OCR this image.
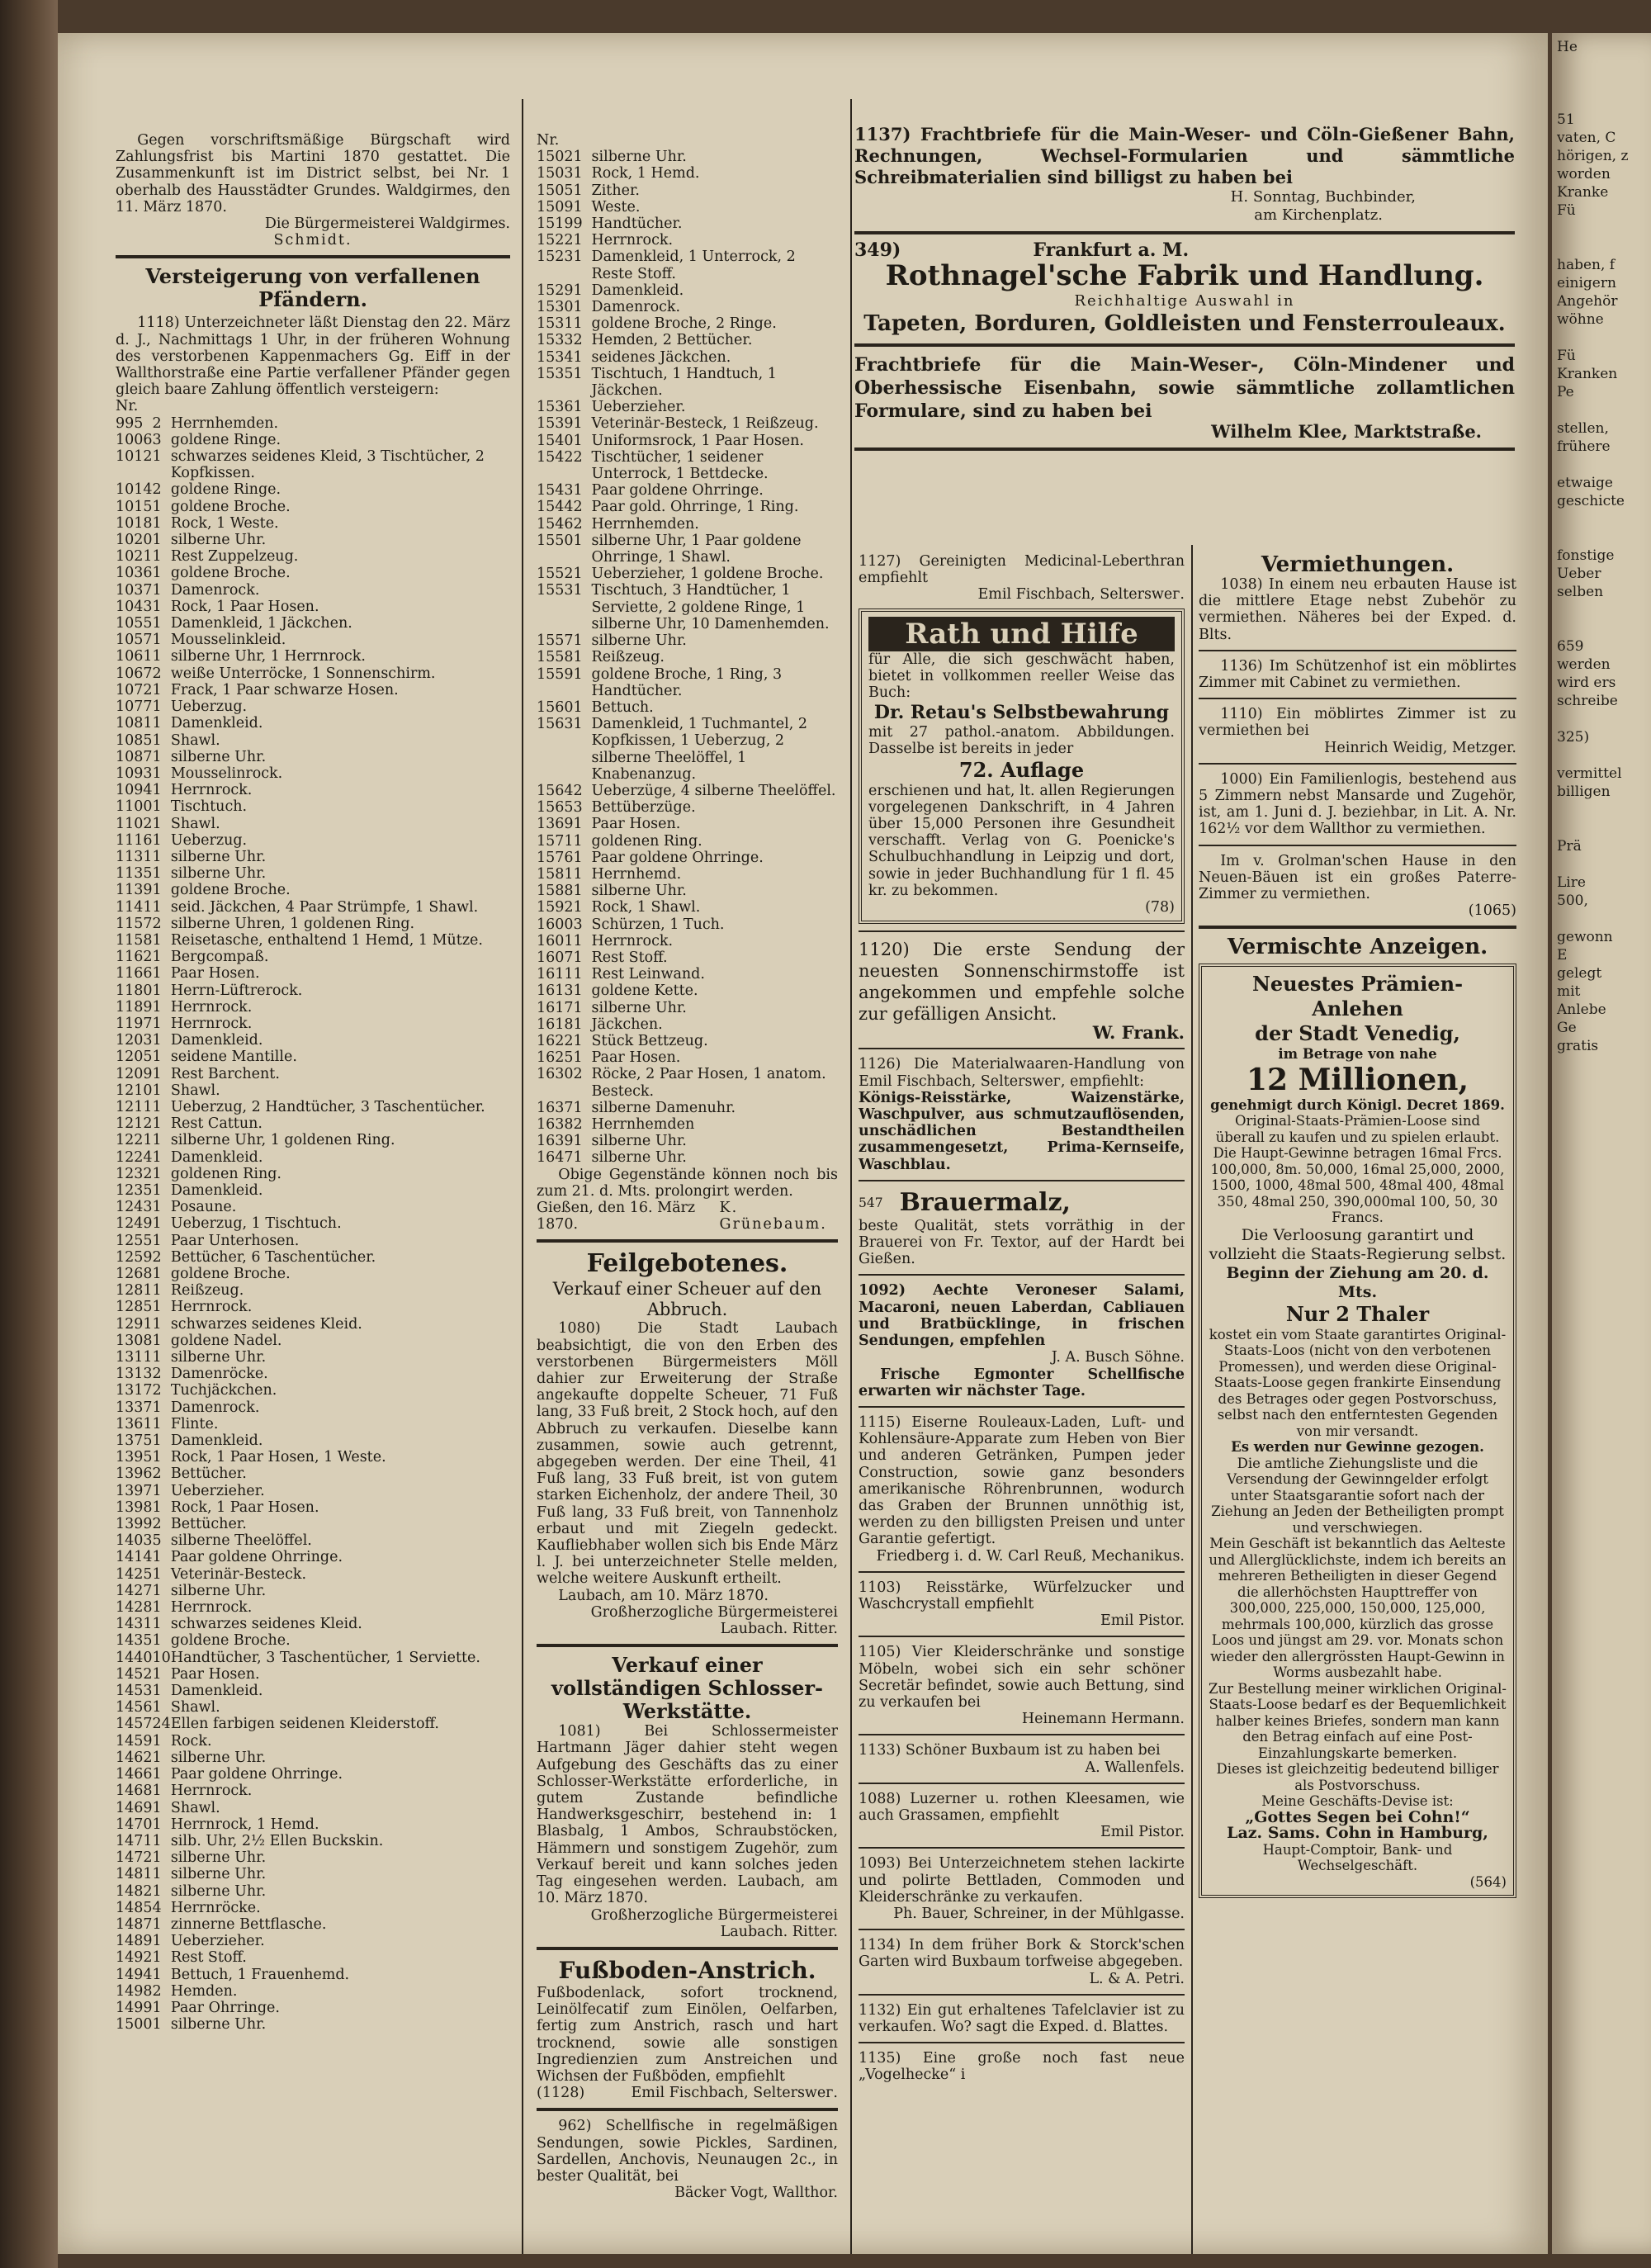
Gegen vorschriftsmäßige Bürgschaft wird Zahlungsfrist bis Martini 1870 gestattet. Die Zusammenkunft ist im District selbst, bei Nr. 1 oberhalb des Hausstädter Grundes. Waldgirmes, den 11. März 1870.
Die Bürgermeisterei Waldgirmes.
Schmidt.
Versteigerung von verfallenen Pfändern.
1118) Unterzeichneter läßt Dienstag den 22. März d. J., Nachmittags 1 Uhr, in der früheren Wohnung des verstorbenen Kappenmachers Gg. Eiff in der Wallthorstraße eine Partie verfallener Pfänder gegen gleich baare Zahlung öffentlich versteigern:
Nr.
995	2	Herrnhemden.
1006	3	goldene Ringe.
1012	1	schwarzes seidenes Kleid, 3 Tischtücher, 2 Kopfkissen.
1014	2	goldene Ringe.
1015	1	goldene Broche.
1018	1	Rock, 1 Weste.
1020	1	silberne Uhr.
1021	1	Rest Zuppelzeug.
1036	1	goldene Broche.
1037	1	Damenrock.
1043	1	Rock, 1 Paar Hosen.
1055	1	Damenkleid, 1 Jäckchen.
1057	1	Mousselinkleid.
1061	1	silberne Uhr, 1 Herrnrock.
1067	2	weiße Unterröcke, 1 Sonnenschirm.
1072	1	Frack, 1 Paar schwarze Hosen.
1077	1	Ueberzug.
1081	1	Damenkleid.
1085	1	Shawl.
1087	1	silberne Uhr.
1093	1	Mousselinrock.
1094	1	Herrnrock.
1100	1	Tischtuch.
1102	1	Shawl.
1116	1	Ueberzug.
1131	1	silberne Uhr.
1135	1	silberne Uhr.
1139	1	goldene Broche.
1141	1	seid. Jäckchen, 4 Paar Strümpfe, 1 Shawl.
1157	2	silberne Uhren, 1 goldenen Ring.
1158	1	Reisetasche, enthaltend 1 Hemd, 1 Mütze.
1162	1	Bergcompaß.
1166	1	Paar Hosen.
1180	1	Herrn-Lüftrerock.
1189	1	Herrnrock.
1197	1	Herrnrock.
1203	1	Damenkleid.
1205	1	seidene Mantille.
1209	1	Rest Barchent.
1210	1	Shawl.
1211	1	Ueberzug, 2 Handtücher, 3 Taschentücher.
1212	1	Rest Cattun.
1221	1	silberne Uhr, 1 goldenen Ring.
1224	1	Damenkleid.
1232	1	goldenen Ring.
1235	1	Damenkleid.
1243	1	Posaune.
1249	1	Ueberzug, 1 Tischtuch.
1255	1	Paar Unterhosen.
1259	2	Bettücher, 6 Taschentücher.
1268	1	goldene Broche.
1281	1	Reißzeug.
1285	1	Herrnrock.
1291	1	schwarzes seidenes Kleid.
1308	1	goldene Nadel.
1311	1	silberne Uhr.
1313	2	Damenröcke.
1317	2	Tuchjäckchen.
1337	1	Damenrock.
1361	1	Flinte.
1375	1	Damenkleid.
1395	1	Rock, 1 Paar Hosen, 1 Weste.
1396	2	Bettücher.
1397	1	Ueberzieher.
1398	1	Rock, 1 Paar Hosen.
1399	2	Bettücher.
1403	5	silberne Theelöffel.
1414	1	Paar goldene Ohrringe.
1425	1	Veterinär-Besteck.
1427	1	silberne Uhr.
1428	1	Herrnrock.
1431	1	schwarzes seidenes Kleid.
1435	1	goldene Broche.
1440	10	Handtücher, 3 Taschentücher, 1 Serviette.
1452	1	Paar Hosen.
1453	1	Damenkleid.
1456	1	Shawl.
1457	24	Ellen farbigen seidenen Kleiderstoff.
1459	1	Rock.
1462	1	silberne Uhr.
1466	1	Paar goldene Ohrringe.
1468	1	Herrnrock.
1469	1	Shawl.
1470	1	Herrnrock, 1 Hemd.
1471	1	silb. Uhr, 2½ Ellen Buckskin.
1472	1	silberne Uhr.
1481	1	silberne Uhr.
1482	1	silberne Uhr.
1485	4	Herrnröcke.
1487	1	zinnerne Bettflasche.
1489	1	Ueberzieher.
1492	1	Rest Stoff.
1494	1	Bettuch, 1 Frauenhemd.
1498	2	Hemden.
1499	1	Paar Ohrringe.
1500	1	silberne Uhr.
Nr.
1502	1	silberne Uhr.
1503	1	Rock, 1 Hemd.
1505	1	Zither.
1509	1	Weste.
1519	9	Handtücher.
1522	1	Herrnrock.
1523	1	Damenkleid, 1 Unterrock, 2 Reste Stoff.
1529	1	Damenkleid.
1530	1	Damenrock.
1531	1	goldene Broche, 2 Ringe.
1533	2	Hemden, 2 Bettücher.
1534	1	seidenes Jäckchen.
1535	1	Tischtuch, 1 Handtuch, 1 Jäckchen.
1536	1	Ueberzieher.
1539	1	Veterinär-Besteck, 1 Reißzeug.
1540	1	Uniformsrock, 1 Paar Hosen.
1542	2	Tischtücher, 1 seidener Unterrock, 1 Bettdecke.
1543	1	Paar goldene Ohrringe.
1544	2	Paar gold. Ohrringe, 1 Ring.
1546	2	Herrnhemden.
1550	1	silberne Uhr, 1 Paar goldene Ohrringe, 1 Shawl.
1552	1	Ueberzieher, 1 goldene Broche.
1553	1	Tischtuch, 3 Handtücher, 1 Serviette, 2 goldene Ringe, 1 silberne Uhr, 10 Damenhemden.
1557	1	silberne Uhr.
1558	1	Reißzeug.
1559	1	goldene Broche, 1 Ring, 3 Handtücher.
1560	1	Bettuch.
1563	1	Damenkleid, 1 Tuchmantel, 2 Kopfkissen, 1 Ueberzug, 2 silberne Theelöffel, 1 Knabenanzug.
1564	2	Ueberzüge, 4 silberne Theelöffel.
1565	3	Bettüberzüge.
1369	1	Paar Hosen.
1571	1	goldenen Ring.
1576	1	Paar goldene Ohrringe.
1581	1	Herrnhemd.
1588	1	silberne Uhr.
1592	1	Rock, 1 Shawl.
1600	3	Schürzen, 1 Tuch.
1601	1	Herrnrock.
1607	1	Rest Stoff.
1611	1	Rest Leinwand.
1613	1	goldene Kette.
1617	1	silberne Uhr.
1618	1	Jäckchen.
1622	1	Stück Bettzeug.
1625	1	Paar Hosen.
1630	2	Röcke, 2 Paar Hosen, 1 anatom. Besteck.
1637	1	silberne Damenuhr.
1638	2	Herrnhemden
1639	1	silberne Uhr.
1647	1	silberne Uhr.
Obige Gegenstände können noch bis zum 21. d. Mts. prolongirt werden.
Gießen, den 16. März 1870.
K. Grünebaum.
Feilgebotenes.
Verkauf einer Scheuer auf den Abbruch.
1080) Die Stadt Laubach beabsichtigt, die von den Erben des verstorbenen Bürgermeisters Möll dahier zur Erweiterung der Straße angekaufte doppelte Scheuer, 71 Fuß lang, 33 Fuß breit, 2 Stock hoch, auf den Abbruch zu verkaufen. Dieselbe kann zusammen, sowie auch getrennt, abgegeben werden. Der eine Theil, 41 Fuß lang, 33 Fuß breit, ist von gutem starken Eichenholz, der andere Theil, 30 Fuß lang, 33 Fuß breit, von Tannenholz erbaut und mit Ziegeln gedeckt. Kaufliebhaber wollen sich bis Ende März l. J. bei unterzeichneter Stelle melden, welche weitere Auskunft ertheilt.
Laubach, am 10. März 1870.
Großherzogliche Bürgermeisterei Laubach. Ritter.
Verkauf einer vollständigen Schlosser-Werkstätte.
1081) Bei Schlossermeister Hartmann Jäger dahier steht wegen Aufgebung des Geschäfts das zu einer Schlosser-Werkstätte erforderliche, in gutem Zustande befindliche Handwerksgeschirr, bestehend in: 1 Blasbalg, 1 Ambos, Schraubstöcken, Hämmern und sonstigem Zugehör, zum Verkauf bereit und kann solches jeden Tag eingesehen werden. Laubach, am 10. März 1870.
Großherzogliche Bürgermeisterei Laubach. Ritter.
Fußboden-Anstrich.
Fußbodenlack, sofort trocknend, Leinölfecatif zum Einölen, Oelfarben, fertig zum Anstrich, rasch und hart trocknend, sowie alle sonstigen Ingredienzien zum Anstreichen und Wichsen der Fußböden, empfiehlt
(1128)	Emil Fischbach, Selterswег.
962) Schellfische in regelmäßigen Sendungen, sowie Pickles, Sardinen, Sardellen, Anchovis, Neunaugen 2c., in bester Qualität, bei
Bäcker Vogt, Wallthor.
1137) Frachtbriefe für die Main-Weser- und Cöln-Gießener Bahn, Rechnungen, Wechsel-Formularien und sämmtliche Schreibmaterialien sind billigst zu haben bei
H. Sonntag, Buchbinder,
am Kirchenplatz.
349)	Frankfurt a. M.
Rothnagel'sche Fabrik und Handlung.
Reichhaltige Auswahl in
Tapeten, Borduren, Goldleisten und Fensterrouleaux.
Frachtbriefe für die Main-Weser-, Cöln-Mindener und Oberhessische Eisenbahn, sowie sämmtliche zollamtlichen Formulare, sind zu haben bei
Wilhelm Klee, Marktstraße.
1127) Gereinigten Medicinal-Leberthran empfiehlt
Emil Fischbach, Selterswег.
Rath und Hilfe
für Alle, die sich geschwächt haben, bietet in vollkommen reeller Weise das Buch:
Dr. Retau's Selbstbewahrung
mit 27 pathol.-anatom. Abbildungen. Dasselbe ist bereits in jeder
72. Auflage
erschienen und hat, lt. allen Regierungen vorgelegenen Dankschrift, in 4 Jahren über 15,000 Personen ihre Gesundheit verschafft. Verlag von G. Poenicke's Schulbuchhandlung in Leipzig und dort, sowie in jeder Buchhandlung für 1 fl. 45 kr. zu bekommen.
(78)
1120) Die erste Sendung der neuesten Sonnenschirmstoffe ist angekommen und empfehle solche zur gefälligen Ansicht.
W. Frank.
1126) Die Materialwaaren-Handlung von Emil Fischbach, Selterswег, empfiehlt:
Königs-Reisstärke, Waizenstärke, Waschpulver, aus schmutzauflösenden, unschädlichen Bestandtheilen zusammengesetzt, Prima-Kernseife, Waschblau.
547 Brauermalz,
beste Qualität, stets vorräthig in der Brauerei von Fr. Textor, auf der Hardt bei Gießen.
1092) Aechte Veroneser Salami, Macaroni, neuen Laberdan, Cabliauen und Bratbücklinge, in frischen Sendungen, empfehlen
J. A. Busch Söhne.
Frische Egmonter Schellfische erwarten wir nächster Tage.
1115) Eiserne Rouleaux-Laden, Luft- und Kohlensäure-Apparate zum Heben von Bier und anderen Getränken, Pumpen jeder Construction, sowie ganz besonders amerikanische Röhrenbrunnen, wodurch das Graben der Brunnen unnöthig ist, werden zu den billigsten Preisen und unter Garantie gefertigt.
Friedberg i. d. W. Carl Reuß, Mechanikus.
1103) Reisstärke, Würfelzucker und Waschcrystall empfiehlt
Emil Pistor.
1105) Vier Kleiderschränke und sonstige Möbeln, wobei sich ein sehr schöner Secretär befindet, sowie auch Bettung, sind zu verkaufen bei
Heinemann Hermann.
1133) Schöner Buxbaum ist zu haben bei
A. Wallenfels.
1088) Luzerner u. rothen Kleesamen, wie auch Grassamen, empfiehlt
Emil Pistor.
1093) Bei Unterzeichnetem stehen lackirte und polirte Bettladen, Commoden und Kleiderschränke zu verkaufen.
Ph. Bauer, Schreiner, in der Mühlgasse.
1134) In dem früher Bork & Storck'schen Garten wird Buxbaum torfweise abgegeben.
L. & A. Petri.
1132) Ein gut erhaltenes Tafelclavier ist zu verkaufen. Wo? sagt die Exped. d. Blattes.
1135) Eine große noch fast neue „Vogelhecke“ i
Vermiethungen.
1038) In einem neu erbauten Hause ist die mittlere Etage nebst Zubehör zu vermiethen. Näheres bei der Exped. d. Blts.
1136) Im Schützenhof ist ein möblirtes Zimmer mit Cabinet zu vermiethen.
1110) Ein möblirtes Zimmer ist zu vermiethen bei
Heinrich Weidig, Metzger.
1000) Ein Familienlogis, bestehend aus 5 Zimmern nebst Mansarde und Zugehör, ist, am 1. Juni d. J. beziehbar, in Lit. A. Nr. 162½ vor dem Wallthor zu vermiethen.
Im v. Grolman'schen Hause in den Neuen-Bäuen ist ein großes Paterre-Zimmer zu vermiethen.
(1065)
Vermischte Anzeigen.
Neuestes Prämien-Anlehen
der Stadt Venedig,
im Betrage von nahe
12 Millionen,
genehmigt durch Königl. Decret 1869.
Original-Staats-Prämien-Loose sind überall zu kaufen und zu spielen erlaubt.
Die Haupt-Gewinne betragen 16mal Frcs. 100,000, 8m. 50,000, 16mal 25,000, 2000, 1500, 1000, 48mal 500, 48mal 400, 48mal 350, 48mal 250, 390,000mal 100, 50, 30 Francs.
Die Verloosung garantirt und vollzieht die Staats-Regierung selbst.
Beginn der Ziehung am 20. d. Mts.
Nur 2 Thaler
kostet ein vom Staate garantirtes Original-Staats-Loos (nicht von den verbotenen Promessen), und werden diese Original-Staats-Loose gegen frankirte Einsendung des Betrages oder gegen Postvorschuss, selbst nach den entferntesten Gegenden von mir versandt.
Es werden nur Gewinne gezogen.
Die amtliche Ziehungsliste und die Versendung der Gewinngelder erfolgt unter Staatsgarantie sofort nach der Ziehung an Jeden der Betheiligten prompt und verschwiegen.
Mein Geschäft ist bekanntlich das Aelteste und Allerglücklichste, indem ich bereits an mehreren Betheiligten in dieser Gegend die allerhöchsten Haupttreffer von 300,000, 225,000, 150,000, 125,000, mehrmals 100,000, kürzlich das grosse Loos und jüngst am 29. vor. Monats schon wieder den allergrössten Haupt-Gewinn in Worms ausbezahlt habe.
Zur Bestellung meiner wirklichen Original-Staats-Loose bedarf es der Bequemlichkeit halber keines Briefes, sondern man kann den Betrag einfach auf eine Post-Einzahlungskarte bemerken.
Dieses ist gleichzeitig bedeutend billiger als Postvorschuss.
Meine Geschäfts-Devise ist:
„Gottes Segen bei Cohn!“
Laz. Sams. Cohn in Hamburg,
Haupt-Comptoir, Bank- und Wechselgeschäft.
(564)
He

51
vaten, C
hörigen, z
worden
Kranke
Fü

haben, f
einigern
Angehör
wöhne

Fü
Kranken
Pe

stellen,
frühere

etwaige
geschicte

fonstige
Ueber
selben

659
werden
wird ers
schreibe

325)

vermittel
billigen

Prä

Lire
500,

gewonn
E
gelegt
mit
Anlebe
Ge
gratis
